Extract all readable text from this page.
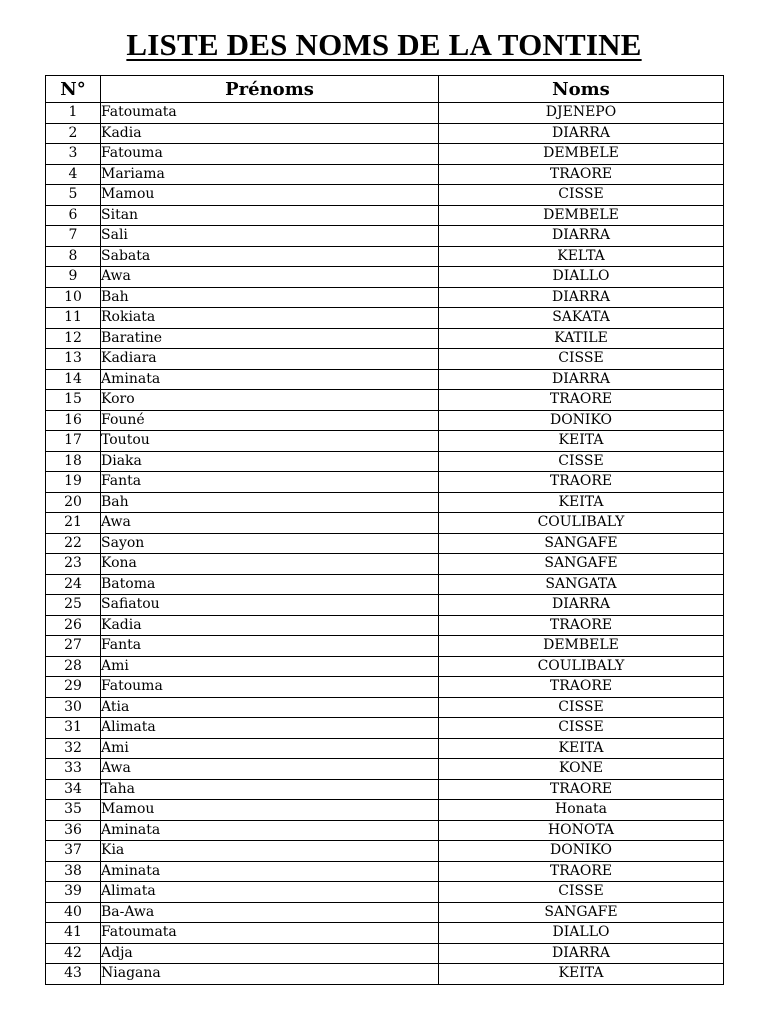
LISTE DES NOMS DE LA TONTINE
N°	Prénoms	Noms
1	Fatoumata	DJENEPO
2	Kadia	DIARRA
3	Fatouma	DEMBELE
4	Mariama	TRAORE
5	Mamou	CISSE
6	Sitan	DEMBELE
7	Sali	DIARRA
8	Sabata	KELTA
9	Awa	DIALLO
10	Bah	DIARRA
11	Rokiata	SAKATA
12	Baratine	KATILE
13	Kadiara	CISSE
14	Aminata	DIARRA
15	Koro	TRAORE
16	Founé	DONIKO
17	Toutou	KEITA
18	Diaka	CISSE
19	Fanta	TRAORE
20	Bah	KEITA
21	Awa	COULIBALY
22	Sayon	SANGAFE
23	Kona	SANGAFE
24	Batoma	SANGATA
25	Safiatou	DIARRA
26	Kadia	TRAORE
27	Fanta	DEMBELE
28	Ami	COULIBALY
29	Fatouma	TRAORE
30	Atia	CISSE
31	Alimata	CISSE
32	Ami	KEITA
33	Awa	KONE
34	Taha	TRAORE
35	Mamou	Honata
36	Aminata	HONOTA
37	Kia	DONIKO
38	Aminata	TRAORE
39	Alimata	CISSE
40	Ba-Awa	SANGAFE
41	Fatoumata	DIALLO
42	Adja	DIARRA
43	Niagana	KEITA
